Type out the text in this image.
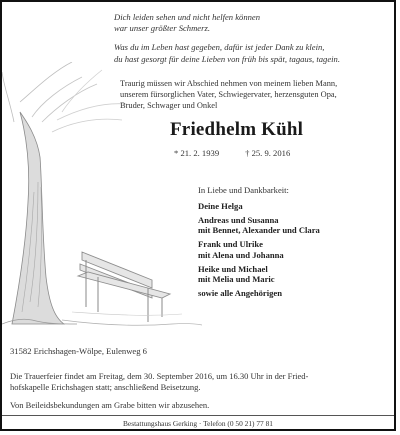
Dich leiden sehen und nicht helfen können
war unser größter Schmerz.
Was du im Leben hast gegeben, dafür ist jeder Dank zu klein,
du hast gesorgt für deine Lieben von früh bis spät, tagaus, tagein.
Traurig müssen wir Abschied nehmen von meinem lieben Mann,
unserem fürsorglichen Vater, Schwiegervater, herzensguten Opa,
Bruder, Schwager und Onkel
Friedhelm Kühl
* 21. 2. 1939	† 25. 9. 2016
In Liebe und Dankbarkeit:
Deine Helga
Andreas und Susanna
mit Bennet, Alexander und Clara
Frank und Ulrike
mit Alena und Johanna
Heike und Michael
mit Melia und Maric
sowie alle Angehörigen
31582 Erichshagen-Wölpe, Eulenweg 6
Die Trauerfeier findet am Freitag, dem 30. September 2016, um 16.30 Uhr in der Fried-
hofskapelle Erichshagen statt; anschließend Beisetzung.
Von Beileidsbekundungen am Grabe bitten wir abzusehen.
Bestattungshaus Gerking · Telefon (0 50 21) 77 81
